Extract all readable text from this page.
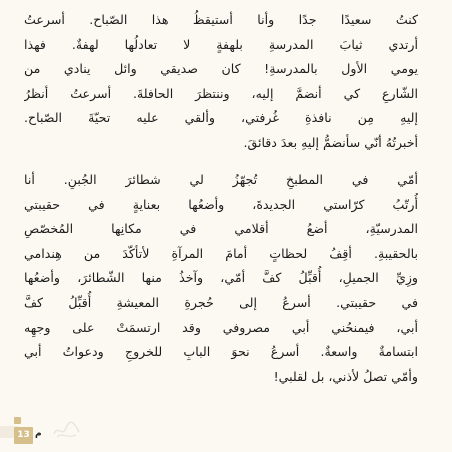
كنتُ سعيدًا جدًا وأنا أستيقظُ هذا الصّباح. أسرعتُ
أرتدي ثيابَ المدرسةِ بلهفةٍ لا تعادلُها لهفةٌ. فهذا
يومي الأول بالمدرسةِ! كان صديقي وائل ينادي من
الشّارعِ كي أنضمَّ إليه، وننتظرَ الحافلةَ. أسرعتُ أنظرُ
إليهِ مِن نافذةِ غُرفتي، وألقي عليه تحيّةَ الصّباح.
أخبرتُهُ أنّي سأنضمُّ إليهِ بعدَ دقائقَ.
أمّي في المطبخِ تُجهّزُ لي شطائرَ الجُبنِ. أنا
أُرتّبُ كرّاستي الجديدةَ، وأضعُها بعنايةٍ في حقيبتي
المدرسيّةِ، أضعُ أقلامي في مكانِها المُخصّصِ
بالحقيبةِ. أقِفُ لحظاتٍ أمامَ المرآةِ لأتأكّدَ من هِندامي
وزِيِّ الجميلِ، أُقبِّلُ كفَّ أمّي، وآخذُ منها الشّطائرَ، وأضعُها
في حقيبتي. أسرعُ إلى حُجرةِ المعيشةِ أُقبِّلُ كفَّ
أبي، فيمنحُني أبي مصروفي وقد ارتسمَتْ على وجهِه
ابتسامةٌ واسعةٌ. أسرعُ نحوَ البابِ للخروجِ ودعواتُ أبي
وأمّي تصلُ لأذني، بل لقلبي!
13 م
